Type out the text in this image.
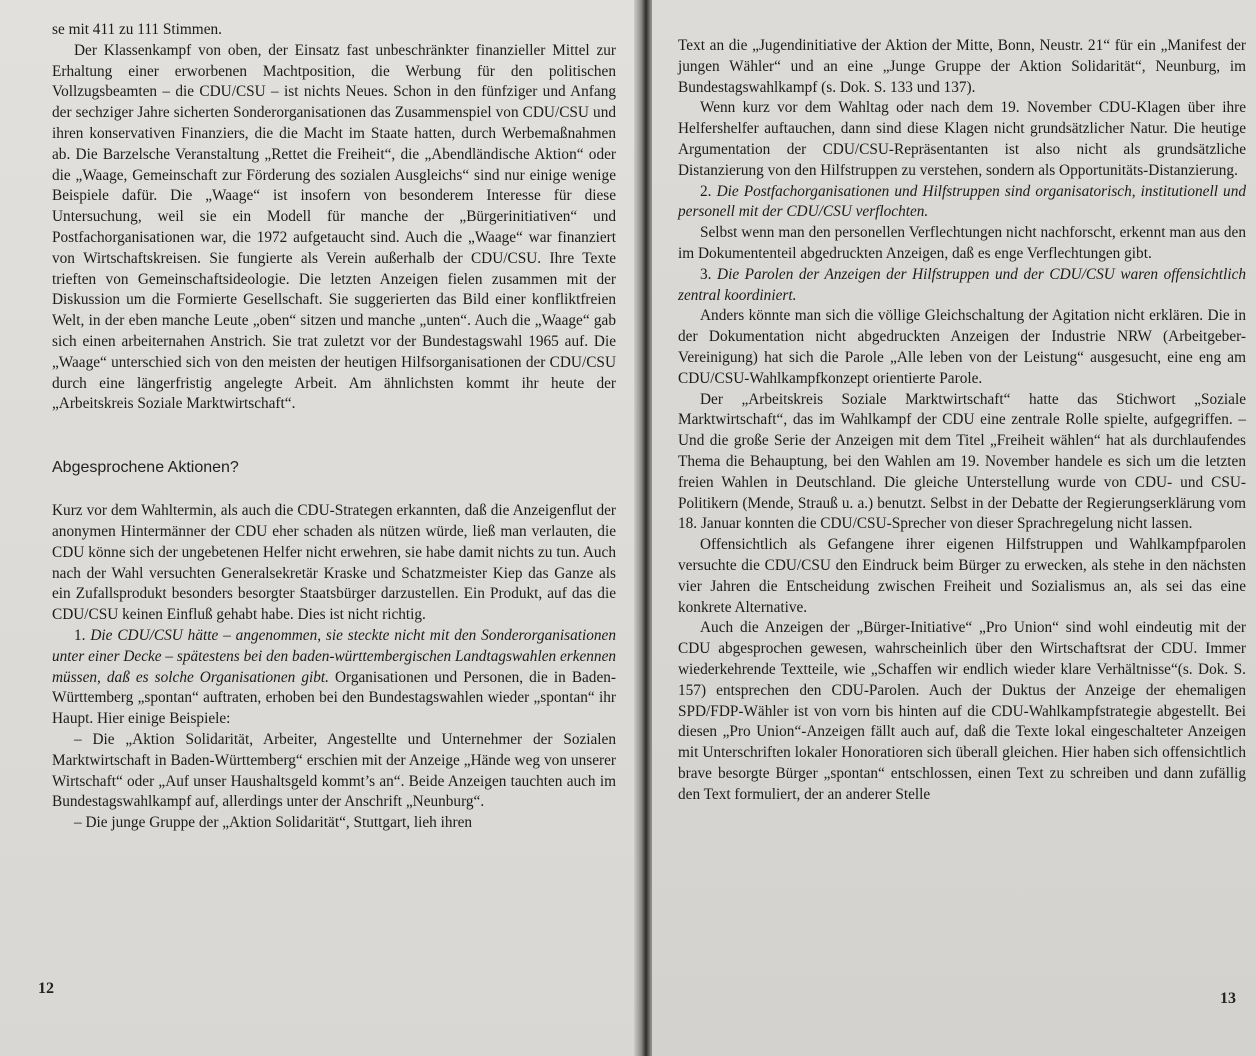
se mit 411 zu 111 Stimmen.

Der Klassenkampf von oben, der Einsatz fast unbeschränkter finanzieller Mittel zur Erhaltung einer erworbenen Machtposition, die Werbung für den politischen Vollzugsbeamten – die CDU/CSU – ist nichts Neues. Schon in den fünfziger und Anfang der sechziger Jahre sicherten Sonderorganisationen das Zusammenspiel von CDU/CSU und ihren konservativen Finanziers, die die Macht im Staate hatten, durch Werbemaßnahmen ab. Die Barzelsche Veranstaltung „Rettet die Freiheit“, die „Abendländische Aktion“ oder die „Waage, Gemeinschaft zur Förderung des sozialen Ausgleichs“ sind nur einige wenige Beispiele dafür. Die „Waage“ ist insofern von besonderem Interesse für diese Untersuchung, weil sie ein Modell für manche der „Bürgerinitiativen“ und Postfachorganisationen war, die 1972 aufgetaucht sind. Auch die „Waage“ war finanziert von Wirtschaftskreisen. Sie fungierte als Verein außerhalb der CDU/CSU. Ihre Texte trieften von Gemeinschaftsideologie. Die letzten Anzeigen fielen zusammen mit der Diskussion um die Formierte Gesellschaft. Sie suggerierten das Bild einer konfliktfreien Welt, in der eben manche Leute „oben“ sitzen und manche „unten“. Auch die „Waage“ gab sich einen arbeiternahen Anstrich. Sie trat zuletzt vor der Bundestagswahl 1965 auf. Die „Waage“ unterschied sich von den meisten der heutigen Hilfsorganisationen der CDU/CSU durch eine längerfristig angelegte Arbeit. Am ähnlichsten kommt ihr heute der „Arbeitskreis Soziale Marktwirtschaft“.

Abgesprochene Aktionen?

Kurz vor dem Wahltermin, als auch die CDU-Strategen erkannten, daß die Anzeigenflut der anonymen Hintermänner der CDU eher schaden als nützen würde, ließ man verlauten, die CDU könne sich der ungebetenen Helfer nicht erwehren, sie habe damit nichts zu tun. Auch nach der Wahl versuchten Generalsekretär Kraske und Schatzmeister Kiep das Ganze als ein Zufallsprodukt besonders besorgter Staatsbürger darzustellen. Ein Produkt, auf das die CDU/CSU keinen Einfluß gehabt habe. Dies ist nicht richtig.

1. Die CDU/CSU hätte – angenommen, sie steckte nicht mit den Sonderorganisationen unter einer Decke – spätestens bei den baden-württembergischen Landtagswahlen erkennen müssen, daß es solche Organisationen gibt. Organisationen und Personen, die in Baden-Württemberg „spontan“ auftraten, erhoben bei den Bundestagswahlen wieder „spontan“ ihr Haupt. Hier einige Beispiele:

– Die „Aktion Solidarität, Arbeiter, Angestellte und Unternehmer der Sozialen Marktwirtschaft in Baden-Württemberg“ erschien mit der Anzeige „Hände weg von unserer Wirtschaft“ oder „Auf unser Haushaltsgeld kommt’s an“. Beide Anzeigen tauchten auch im Bundestagswahlkampf auf, allerdings unter der Anschrift „Neunburg“.

– Die junge Gruppe der „Aktion Solidarität“, Stuttgart, lieh ihren

12

Text an die „Jugendinitiative der Aktion der Mitte, Bonn, Neustr. 21“ für ein „Manifest der jungen Wähler“ und an eine „Junge Gruppe der Aktion Solidarität“, Neunburg, im Bundestagswahlkampf (s. Dok. S. 133 und 137).

Wenn kurz vor dem Wahltag oder nach dem 19. November CDU-Klagen über ihre Helfershelfer auftauchen, dann sind diese Klagen nicht grundsätzlicher Natur. Die heutige Argumentation der CDU/CSU-Repräsentanten ist also nicht als grundsätzliche Distanzierung von den Hilfstruppen zu verstehen, sondern als Opportunitäts-Distanzierung.

2. Die Postfachorganisationen und Hilfstruppen sind organisatorisch, institutionell und personell mit der CDU/CSU verflochten.

Selbst wenn man den personellen Verflechtungen nicht nachforscht, erkennt man aus den im Dokumententeil abgedruckten Anzeigen, daß es enge Verflechtungen gibt.

3. Die Parolen der Anzeigen der Hilfstruppen und der CDU/CSU waren offensichtlich zentral koordiniert.

Anders könnte man sich die völlige Gleichschaltung der Agitation nicht erklären. Die in der Dokumentation nicht abgedruckten Anzeigen der Industrie NRW (Arbeitgeber-Vereinigung) hat sich die Parole „Alle leben von der Leistung“ ausgesucht, eine eng am CDU/CSU-Wahlkampfkonzept orientierte Parole.

Der „Arbeitskreis Soziale Marktwirtschaft“ hatte das Stichwort „Soziale Marktwirtschaft“, das im Wahlkampf der CDU eine zentrale Rolle spielte, aufgegriffen. – Und die große Serie der Anzeigen mit dem Titel „Freiheit wählen“ hat als durchlaufendes Thema die Behauptung, bei den Wahlen am 19. November handele es sich um die letzten freien Wahlen in Deutschland. Die gleiche Unterstellung wurde von CDU- und CSU-Politikern (Mende, Strauß u. a.) benutzt. Selbst in der Debatte der Regierungserklärung vom 18. Januar konnten die CDU/CSU-Sprecher von dieser Sprachregelung nicht lassen.

Offensichtlich als Gefangene ihrer eigenen Hilfstruppen und Wahlkampfparolen versuchte die CDU/CSU den Eindruck beim Bürger zu erwecken, als stehe in den nächsten vier Jahren die Entscheidung zwischen Freiheit und Sozialismus an, als sei das eine konkrete Alternative.

Auch die Anzeigen der „Bürger-Initiative“ „Pro Union“ sind wohl eindeutig mit der CDU abgesprochen gewesen, wahrscheinlich über den Wirtschaftsrat der CDU. Immer wiederkehrende Textteile, wie „Schaffen wir endlich wieder klare Verhältnisse“(s. Dok. S. 157) entsprechen den CDU-Parolen. Auch der Duktus der Anzeige der ehemaligen SPD/FDP-Wähler ist von vorn bis hinten auf die CDU-Wahlkampfstrategie abgestellt. Bei diesen „Pro Union“-Anzeigen fällt auch auf, daß die Texte lokal eingeschalteter Anzeigen mit Unterschriften lokaler Honoratioren sich überall gleichen. Hier haben sich offensichtlich brave besorgte Bürger „spontan“ entschlossen, einen Text zu schreiben und dann zufällig den Text formuliert, der an anderer Stelle

13
